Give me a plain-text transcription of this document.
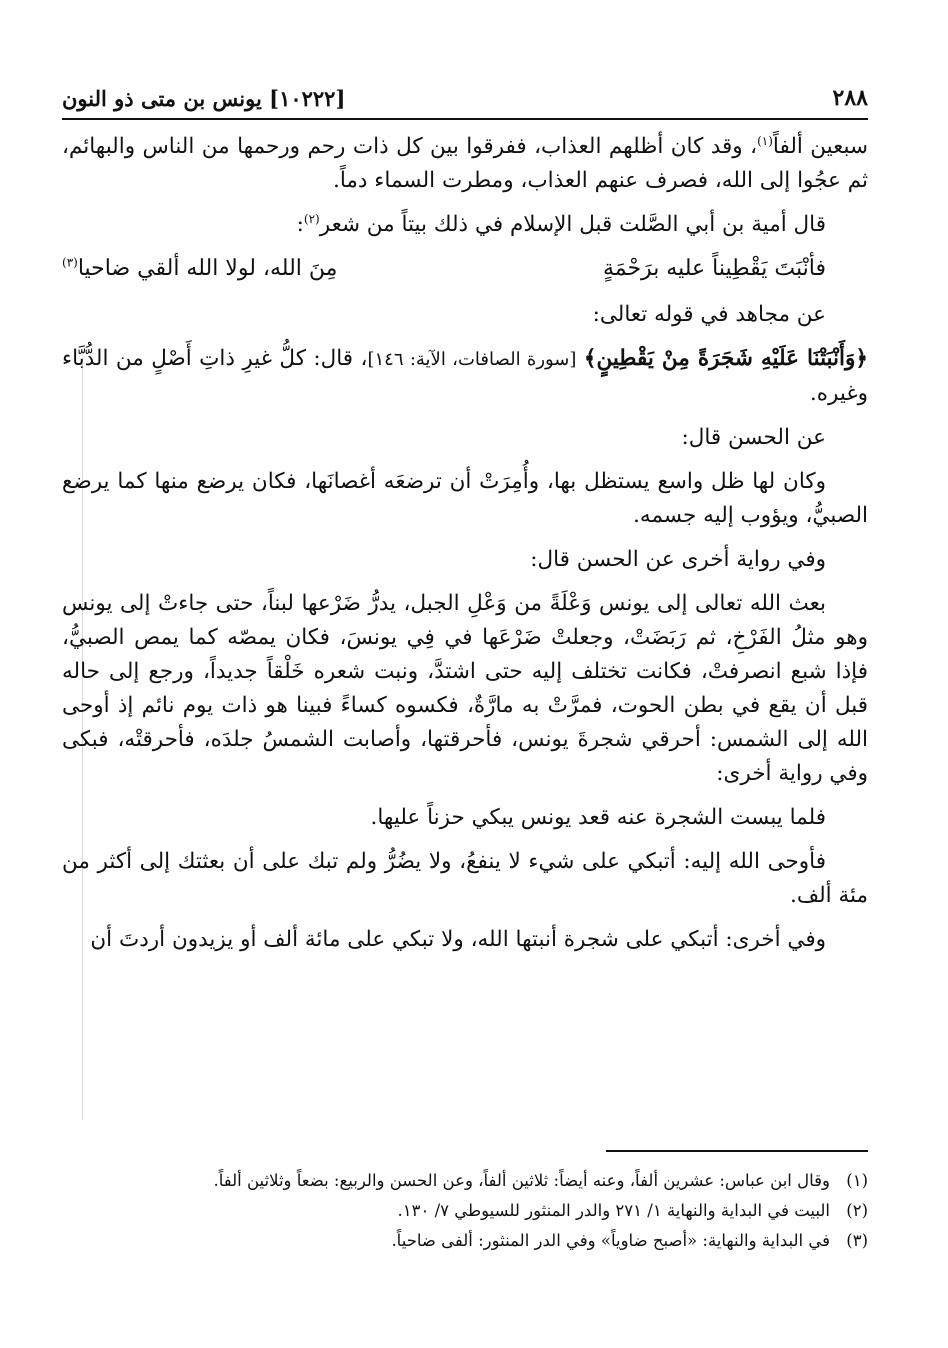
٢٨٨
[١٠٢٢٢] يونس بن متى ذو النون

سبعين ألفاً$^{(١)}$، وقد كان أظلهم العذاب، ففرقوا بين كل ذات رحم ورحمها من الناس والبهائم، ثم عجُوا إلى الله، فصرف عنهم العذاب، ومطرت السماء دماً.

قال أمية بن أبي الصَّلت قبل الإسلام في ذلك بيتاً من شعر$^{(٢)}$:

فأنْبَتَ يَقْطِيناً عليه برَحْمَةٍ
مِنَ الله، لولا الله ألقي ضاحيا$^{(٣)}$

عن مجاهد في قوله تعالى:

﴿وَأَنْبَتْنَا عَلَيْهِ شَجَرَةً مِنْ يَقْطِينٍ﴾ [سورة الصافات، الآية: ١٤٦]، قال: كلُّ غيرِ ذاتِ أَصْلٍ من الدُّبَّاء وغيره.

عن الحسن قال:

وكان لها ظل واسع يستظل بها، وأُمِرَتْ أن ترضعَه أغصانَها، فكان يرضع منها كما يرضع الصبيُّ، ويؤوب إليه جسمه.

وفي رواية أخرى عن الحسن قال:

بعث الله تعالى إلى يونس وَعْلَةً من وَعْلِ الجبل، يدرُّ ضَرْعها لبناً، حتى جاءتْ إلى يونس وهو مثلُ الفَرْخِ، ثم رَبَضَتْ، وجعلتْ ضَرْعَها في فِي يونسَ، فكان يمصّه كما يمص الصبيُّ، فإذا شبع انصرفتْ، فكانت تختلف إليه حتى اشتدَّ، ونبت شعره خَلْقاً جديداً، ورجع إلى حاله قبل أن يقع في بطن الحوت، فمرَّتْ به مارَّةٌ، فكسوه كساءً فبينا هو ذات يوم نائم إذ أوحى الله إلى الشمس: أحرقي شجرةَ يونس، فأحرقتها، وأصابت الشمسُ جلدَه، فأحرقتْه، فبكى وفي رواية أخرى:

فلما يبست الشجرة عنه قعد يونس يبكي حزناً عليها.

فأوحى الله إليه: أتبكي على شيء لا ينفعُ، ولا يضُرُّ ولم تبك على أن بعثتك إلى أكثر من مئة ألف.

وفي أخرى: أتبكي على شجرة أنبتها الله، ولا تبكي على مائة ألف أو يزيدون أردتَ أن

(١)
وقال ابن عباس: عشرين ألفاً، وعنه أيضاً: ثلاثين ألفاً، وعن الحسن والربيع: بضعاً وثلاثين ألفاً.
(٢)
البيت في البداية والنهاية ١/ ٢٧١ والدر المنثور للسيوطي ٧/ ١٣٠.
(٣)
في البداية والنهاية: «أصبح ضاوياً» وفي الدر المنثور: ألفى ضاحياً.
